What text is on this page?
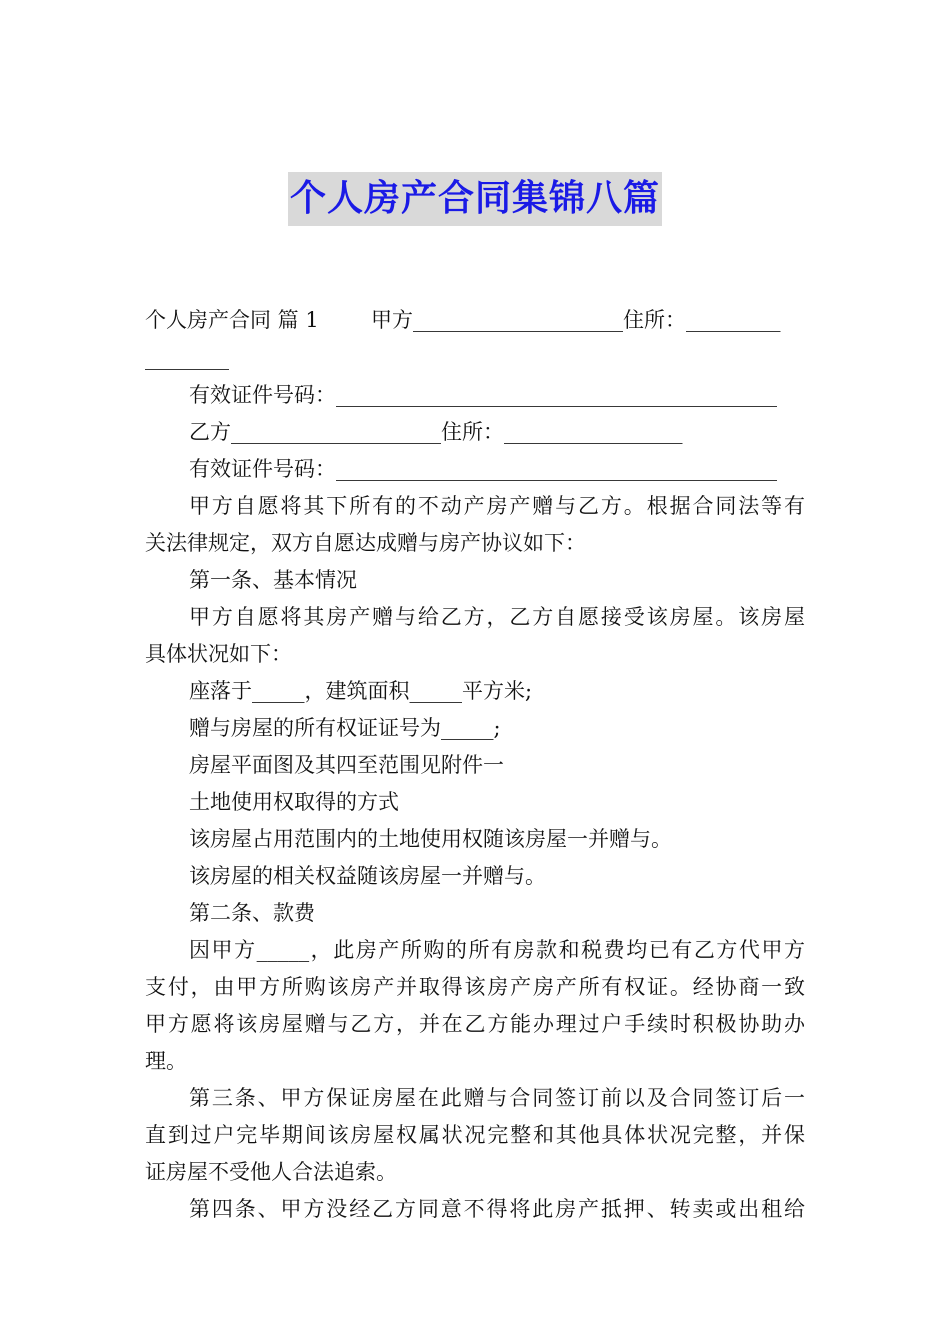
个人房产合同集锦八篇
个人房产合同 篇 1 甲方____________________住所：_________
________
有效证件号码：__________________________________________
乙方____________________住所：_________________
有效证件号码：__________________________________________
甲方自愿将其下所有的不动产房产赠与乙方。根据合同法等有
关法律规定，双方自愿达成赠与房产协议如下：
第一条、基本情况
甲方自愿将其房产赠与给乙方，乙方自愿接受该房屋。该房屋
具体状况如下：
座落于_____，建筑面积_____平方米;
赠与房屋的所有权证证号为_____;
房屋平面图及其四至范围见附件一
土地使用权取得的方式
该房屋占用范围内的土地使用权随该房屋一并赠与。
该房屋的相关权益随该房屋一并赠与。
第二条、款费
因甲方_____，此房产所购的所有房款和税费均已有乙方代甲方
支付，由甲方所购该房产并取得该房产房产所有权证。经协商一致
甲方愿将该房屋赠与乙方，并在乙方能办理过户手续时积极协助办
理。
第三条、甲方保证房屋在此赠与合同签订前以及合同签订后一
直到过户完毕期间该房屋权属状况完整和其他具体状况完整，并保
证房屋不受他人合法追索。
第四条、甲方没经乙方同意不得将此房产抵押、转卖或出租给
